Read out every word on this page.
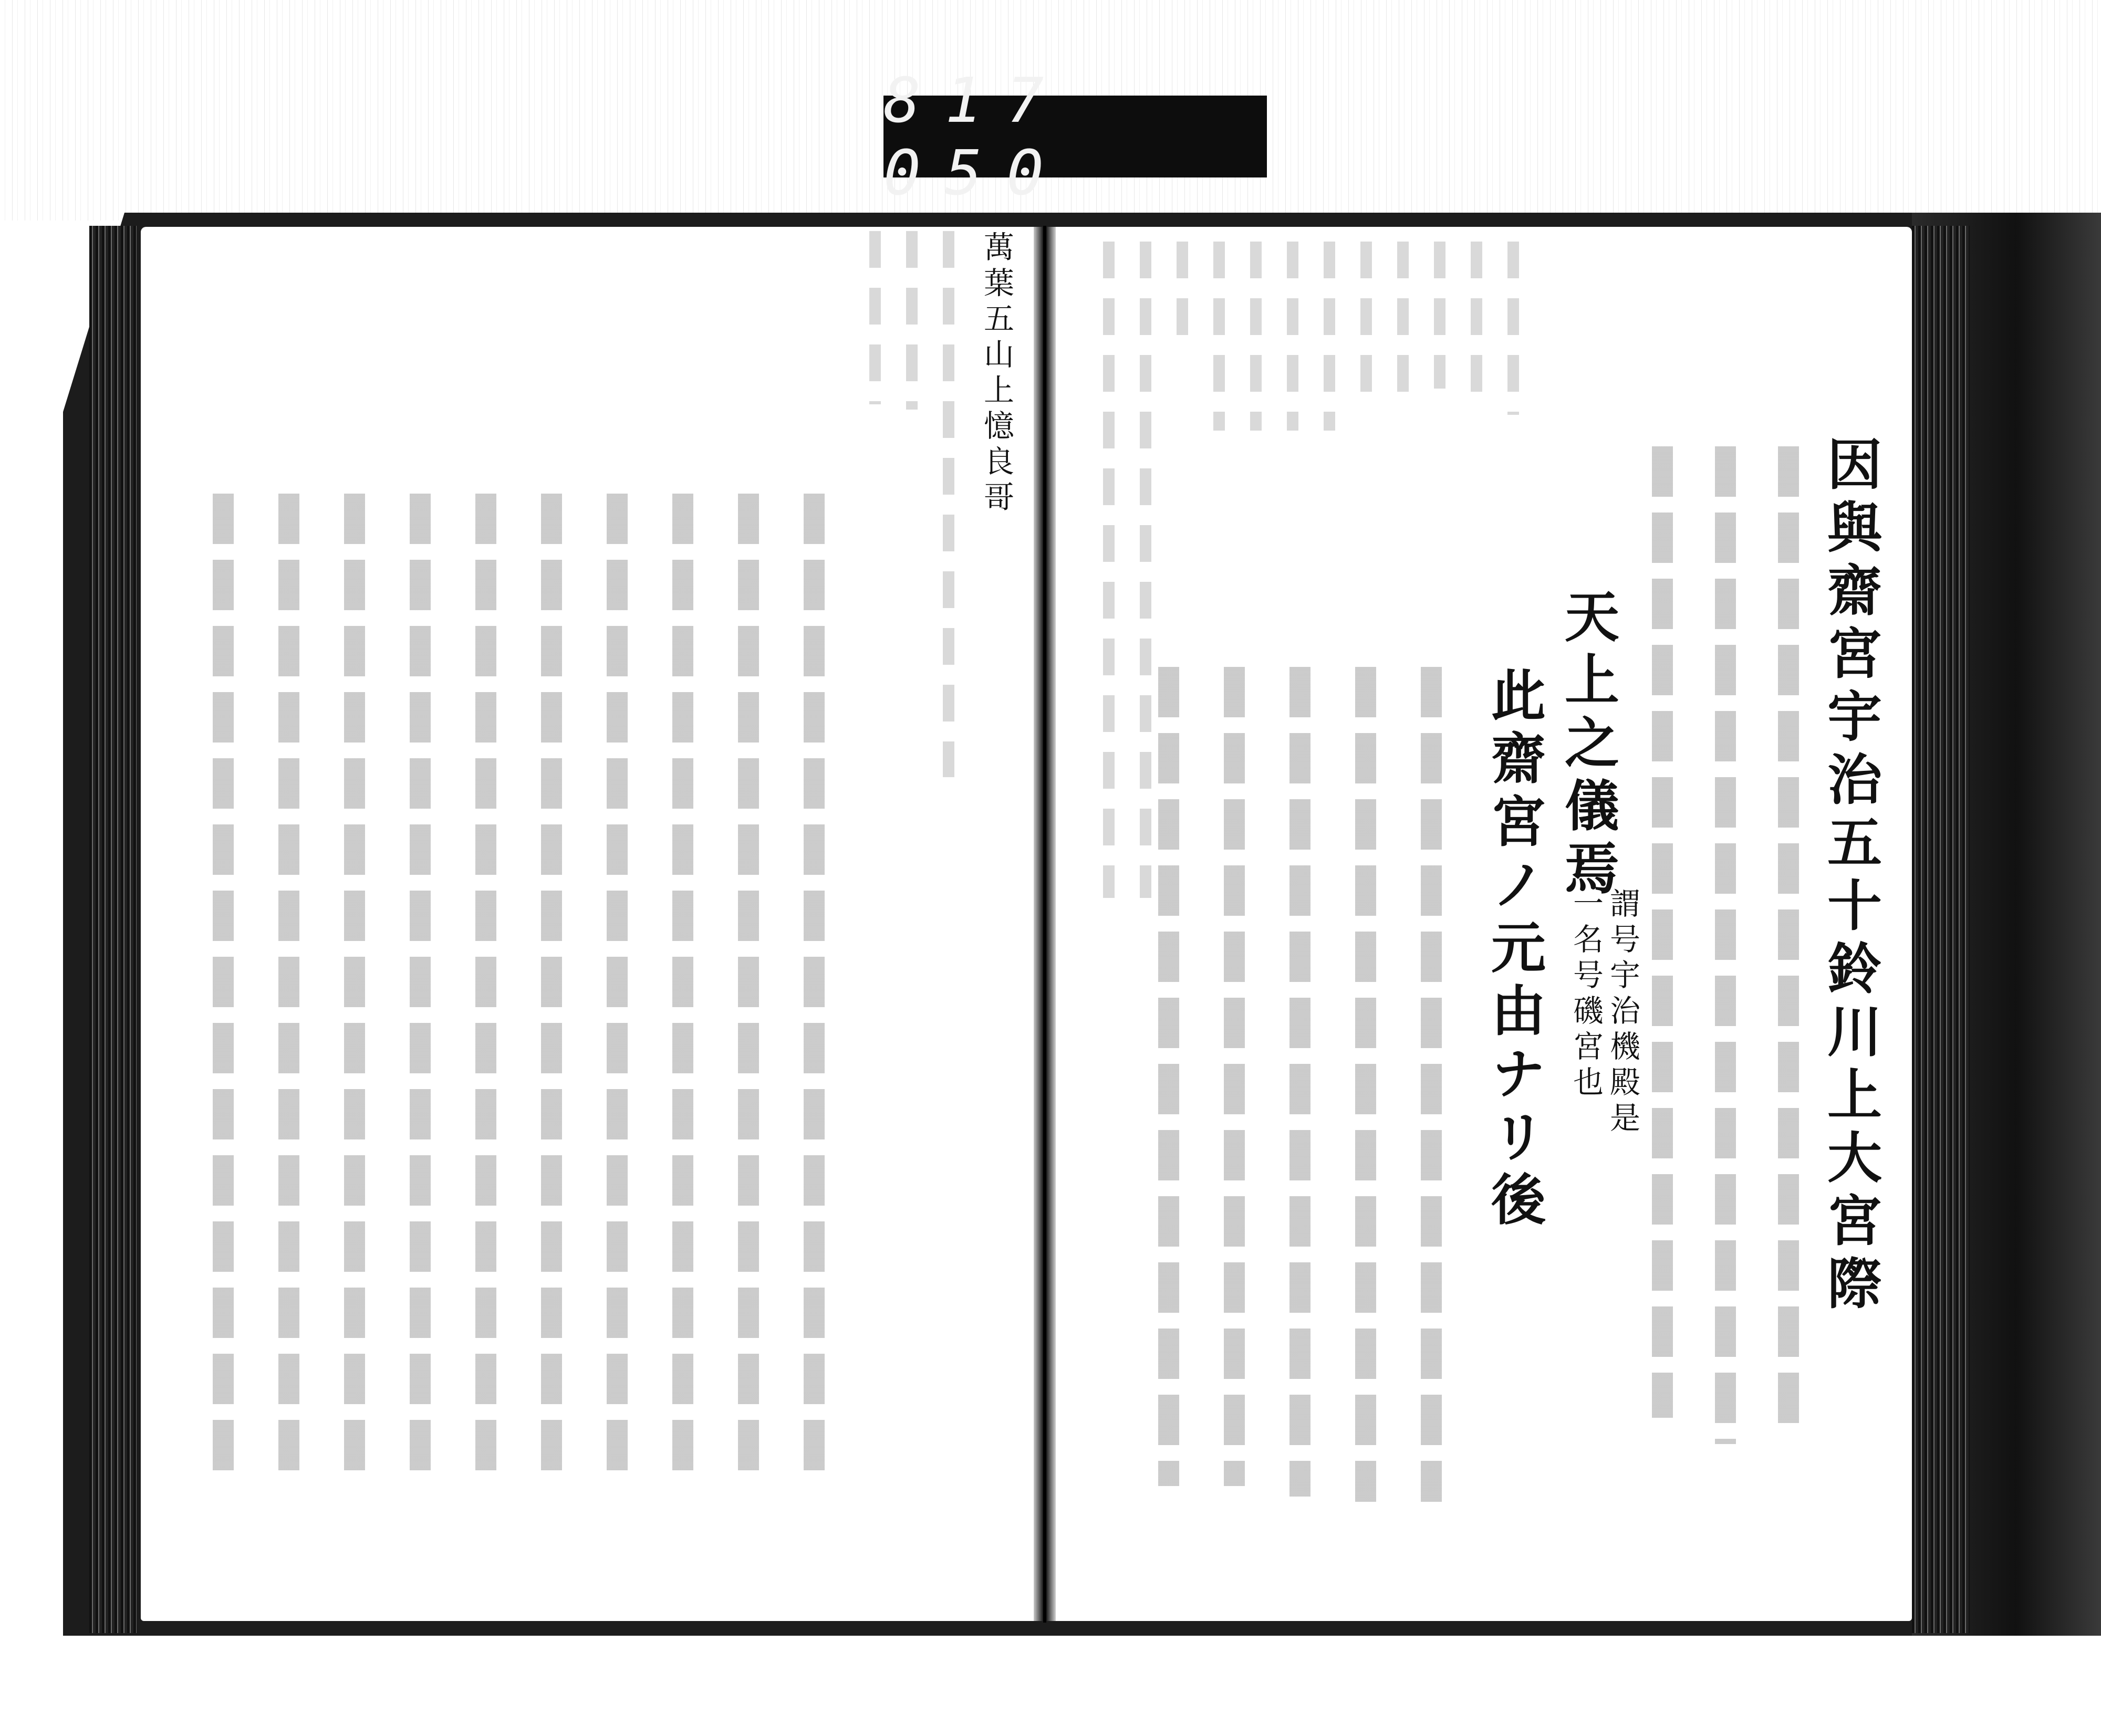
817 050
因與齋宮宇治五十鈴川上大宮際
天上之儀焉
謂号宇治機殿是
一名号磯宮也
此齋宮ノ元由ナリ後
萬葉五山上憶良哥
